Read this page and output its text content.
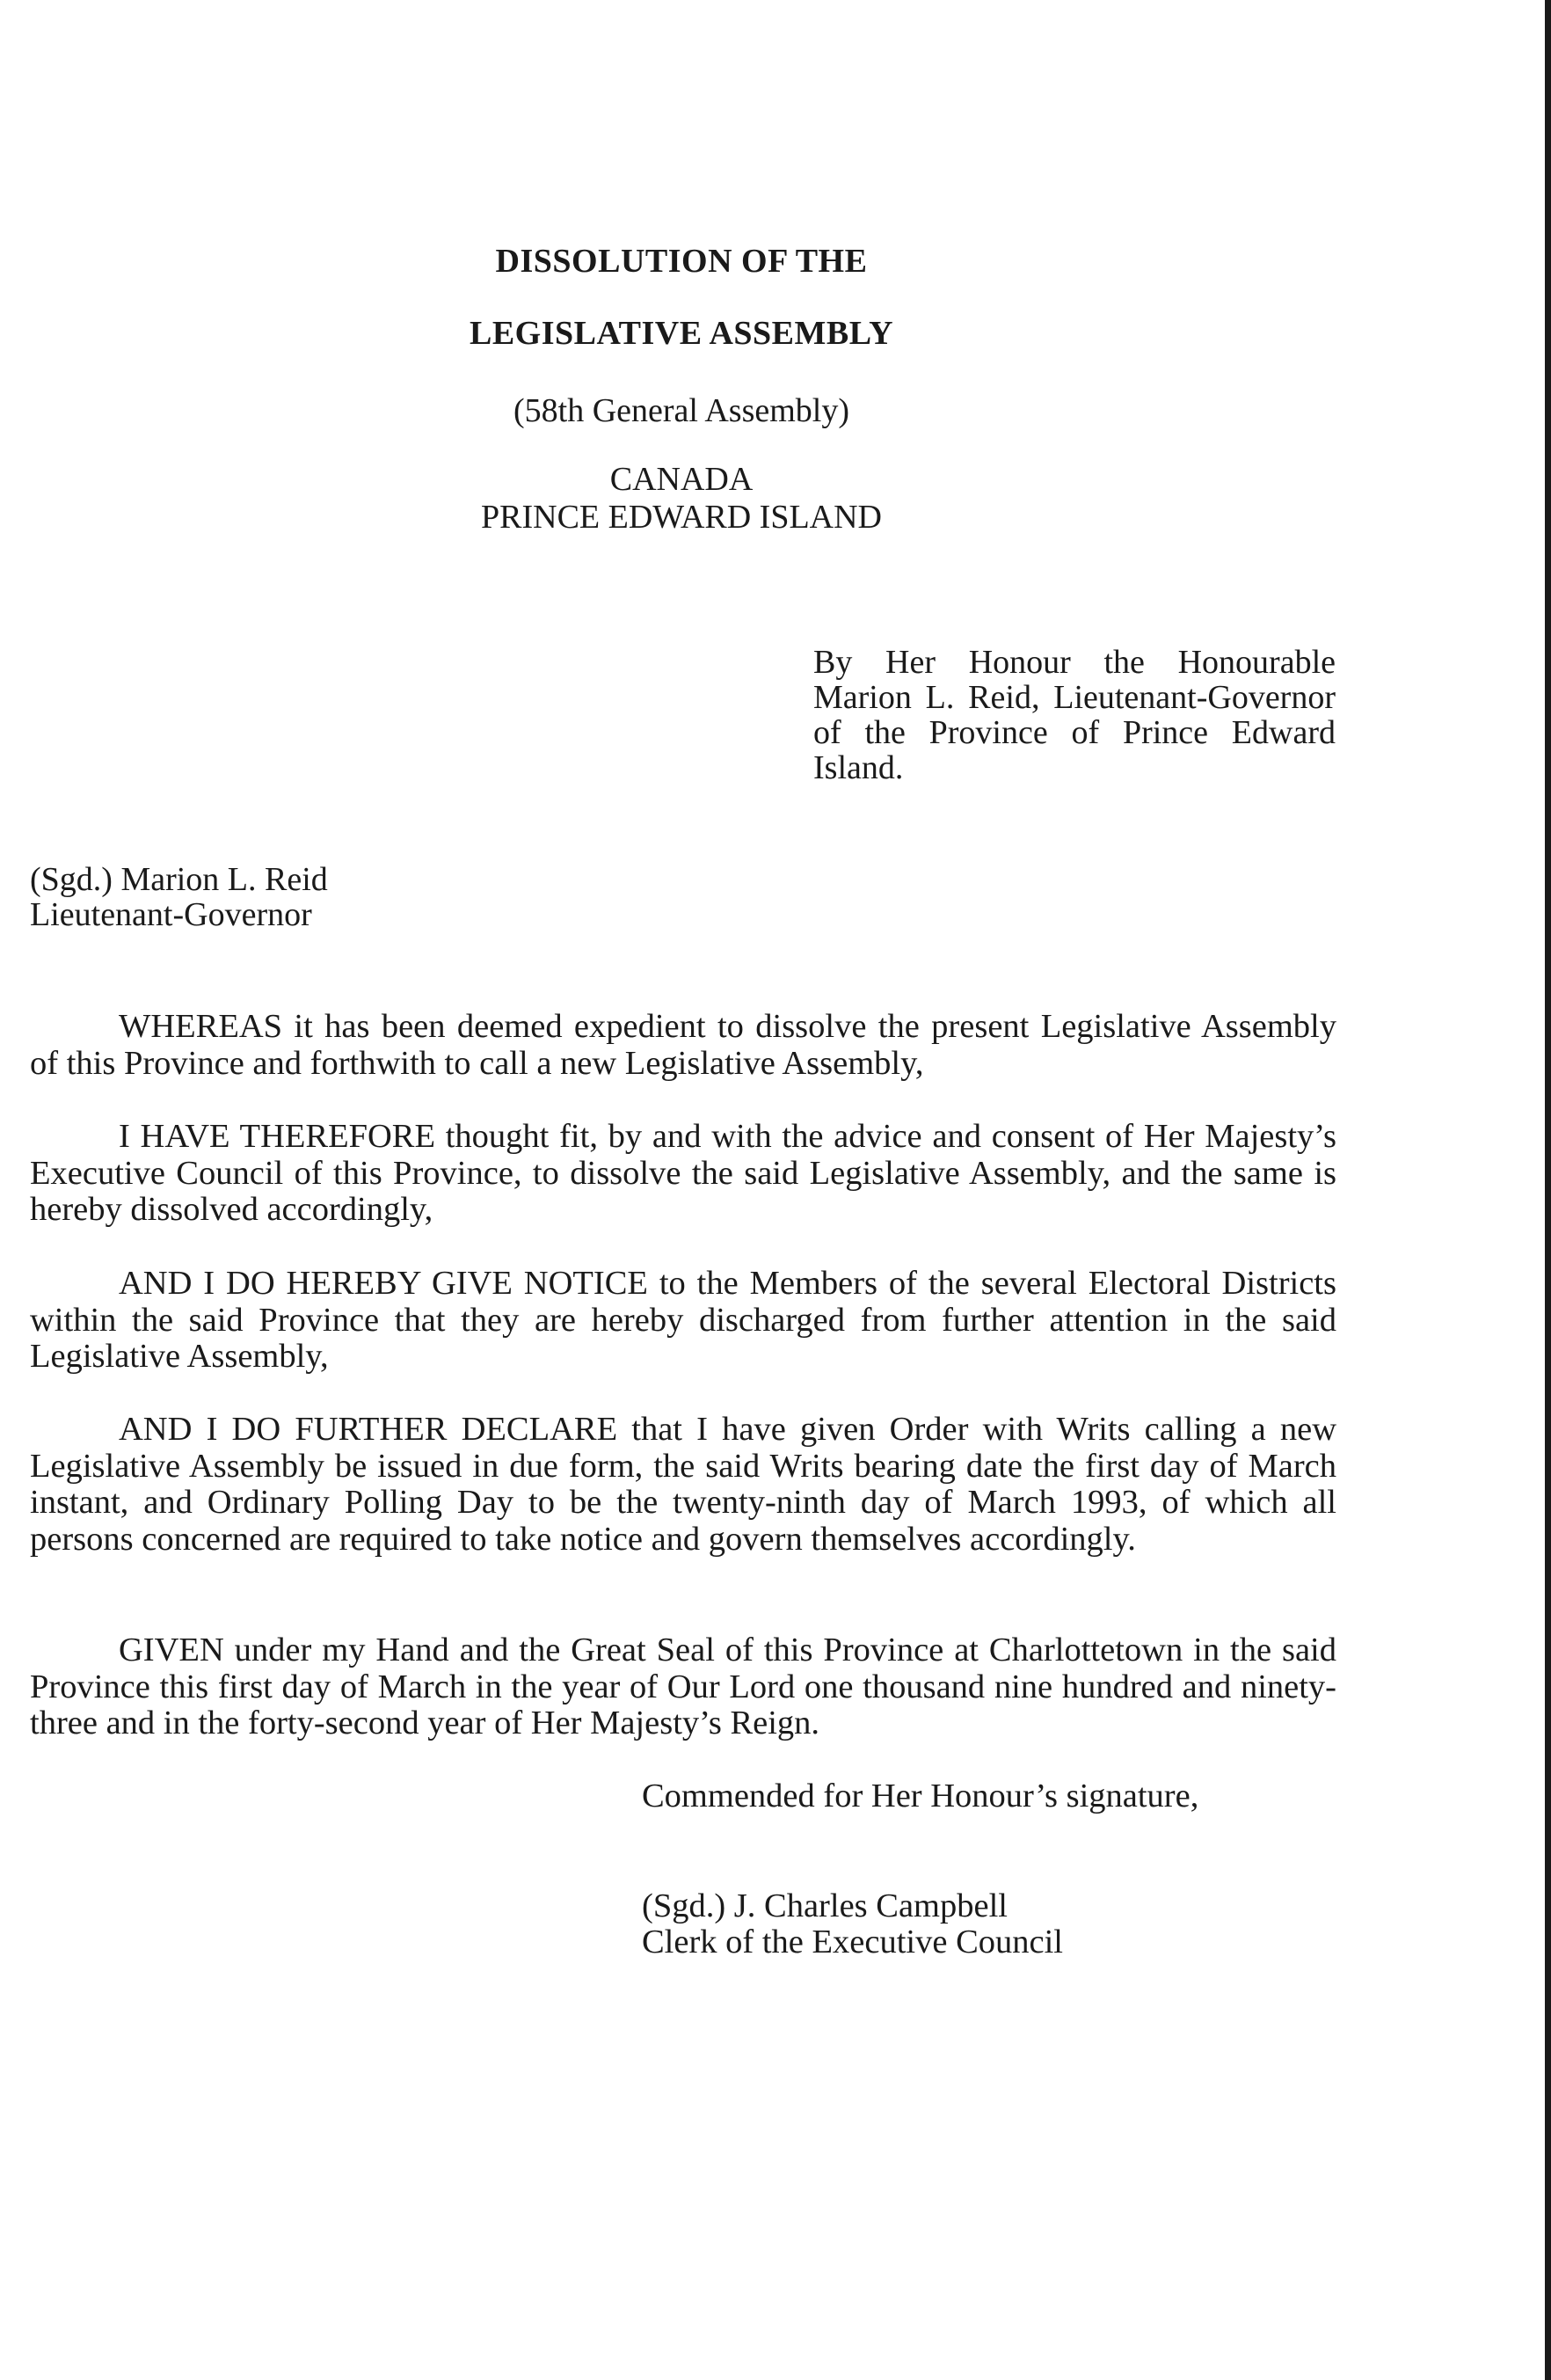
DISSOLUTION OF THE
LEGISLATIVE ASSEMBLY

(58th General Assembly)

CANADA

PRINCE EDWARD ISLAND

By Her Honour the Honourable Marion L. Reid, Lieutenant-Governor of the Province of Prince Edward Island.

(Sgd.) Marion L. Reid
Lieutenant-Governor

WHEREAS it has been deemed expedient to dissolve the present Legislative Assembly of this Province and forthwith to call a new Legislative Assembly,

I HAVE THEREFORE thought fit, by and with the advice and consent of Her Majesty’s Executive Council of this Province, to dissolve the said Legislative Assembly, and the same is hereby dissolved accordingly,

AND I DO HEREBY GIVE NOTICE to the Members of the several Electoral Districts within the said Province that they are hereby discharged from further attention in the said Legislative Assembly,

AND I DO FURTHER DECLARE that I have given Order with Writs calling a new Legislative Assembly be issued in due form, the said Writs bearing date the first day of March instant, and Ordinary Polling Day to be the twenty-ninth day of March 1993, of which all persons concerned are required to take notice and govern themselves accordingly.

GIVEN under my Hand and the Great Seal of this Province at Charlottetown in the said Province this first day of March in the year of Our Lord one thousand nine hundred and ninety-three and in the forty-second year of Her Majesty’s Reign.

Commended for Her Honour’s signature,

(Sgd.) J. Charles Campbell
Clerk of the Executive Council
